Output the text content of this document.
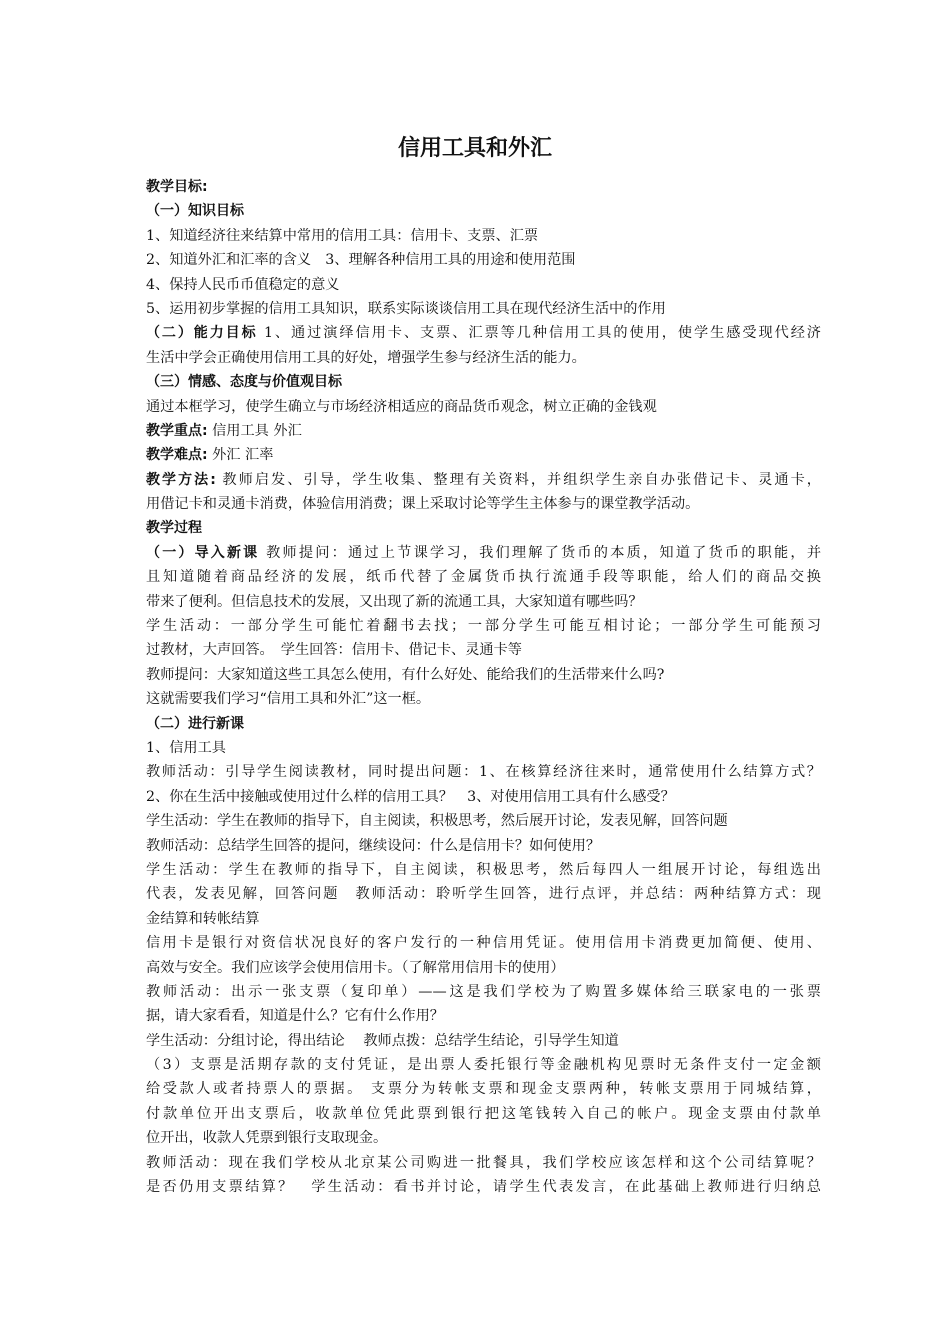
信用工具和外汇
教学目标:
（一）知识目标
1、知道经济往来结算中常用的信用工具：信用卡、支票、汇票
2、知道外汇和汇率的含义　3、理解各种信用工具的用途和使用范围
4、保持人民币币值稳定的意义
5、运用初步掌握的信用工具知识，联系实际谈谈信用工具在现代经济生活中的作用
（二）能力目标 1、通过演绎信用卡、支票、汇票等几种信用工具的使用，使学生感受现代经济
生活中学会正确使用信用工具的好处，增强学生参与经济生活的能力。
（三）情感、态度与价值观目标
通过本框学习，使学生确立与市场经济相适应的商品货币观念，树立正确的金钱观
教学重点: 信用工具 外汇
教学难点: 外汇 汇率
教学方法: 教师启发、引导，学生收集、整理有关资料，并组织学生亲自办张借记卡、灵通卡，
用借记卡和灵通卡消费，体验信用消费；课上采取讨论等学生主体参与的课堂教学活动。
教学过程
（一）导入新课 教师提问：通过上节课学习，我们理解了货币的本质，知道了货币的职能，并
且知道随着商品经济的发展，纸币代替了金属货币执行流通手段等职能，给人们的商品交换
带来了便利。但信息技术的发展，又出现了新的流通工具，大家知道有哪些吗？
学生活动：一部分学生可能忙着翻书去找；一部分学生可能互相讨论；一部分学生可能预习
过教材，大声回答。　学生回答：信用卡、借记卡、灵通卡等
教师提问：大家知道这些工具怎么使用，有什么好处、能给我们的生活带来什么吗?
这就需要我们学习“信用工具和外汇”这一框。
（二）进行新课
1、信用工具
教师活动：引导学生阅读教材，同时提出问题：1、在核算经济往来时，通常使用什么结算方式？
2、你在生活中接触或使用过什么样的信用工具？　3、对使用信用工具有什么感受？
学生活动：学生在教师的指导下，自主阅读，积极思考，然后展开讨论，发表见解，回答问题
教师活动：总结学生回答的提问，继续设问：什么是信用卡？如何使用？
学生活动：学生在教师的指导下，自主阅读，积极思考，然后每四人一组展开讨论，每组选出
代表，发表见解，回答问题　教师活动：聆听学生回答，进行点评，并总结：两种结算方式：现
金结算和转帐结算
信用卡是银行对资信状况良好的客户发行的一种信用凭证。使用信用卡消费更加简便、使用、
高效与安全。我们应该学会使用信用卡。（了解常用信用卡的使用）
教师活动：出示一张支票（复印单）——这是我们学校为了购置多媒体给三联家电的一张票
据，请大家看看，知道是什么？它有什么作用？
学生活动：分组讨论，得出结论　 教师点拨：总结学生结论，引导学生知道
（3）支票是活期存款的支付凭证，是出票人委托银行等金融机构见票时无条件支付一定金额
给受款人或者持票人的票据。 支票分为转帐支票和现金支票两种，转帐支票用于同城结算，
付款单位开出支票后，收款单位凭此票到银行把这笔钱转入自己的帐户。现金支票由付款单
位开出，收款人凭票到银行支取现金。
教师活动：现在我们学校从北京某公司购进一批餐具，我们学校应该怎样和这个公司结算呢？
是否仍用支票结算？　学生活动：看书并讨论，请学生代表发言，在此基础上教师进行归纳总
